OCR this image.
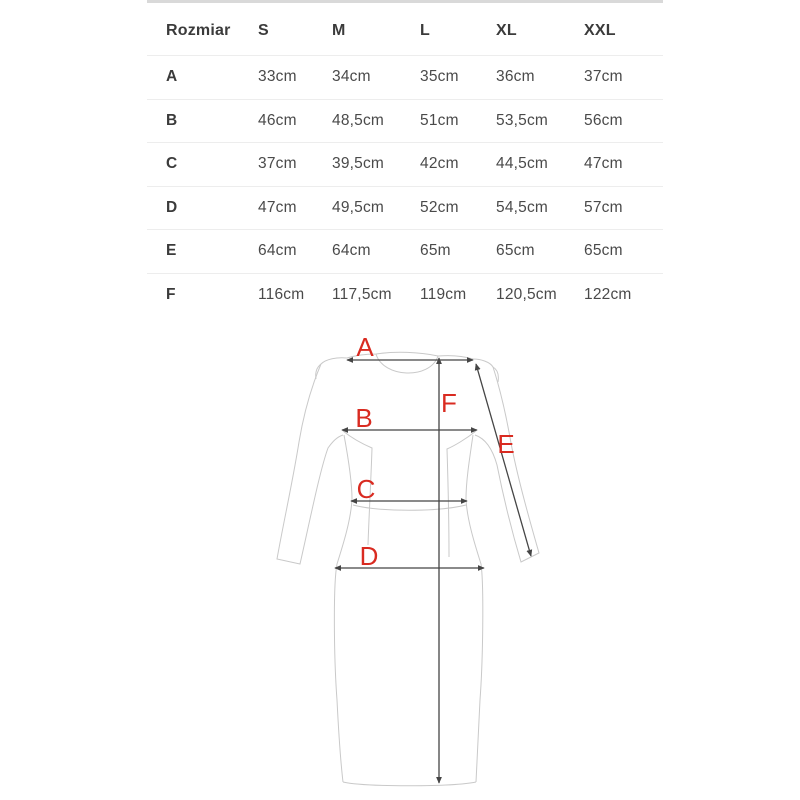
Rozmiar	S	M	L	XL	XXL
A	33cm	34cm	35cm	36cm	37cm
B	46cm	48,5cm	51cm	53,5cm	56cm
C	37cm	39,5cm	42cm	44,5cm	47cm
D	47cm	49,5cm	52cm	54,5cm	57cm
E	64cm	64cm	65m	65cm	65cm
F	116cm	117,5cm	119cm	120,5cm	122cm
A
B
C
D
E
F
